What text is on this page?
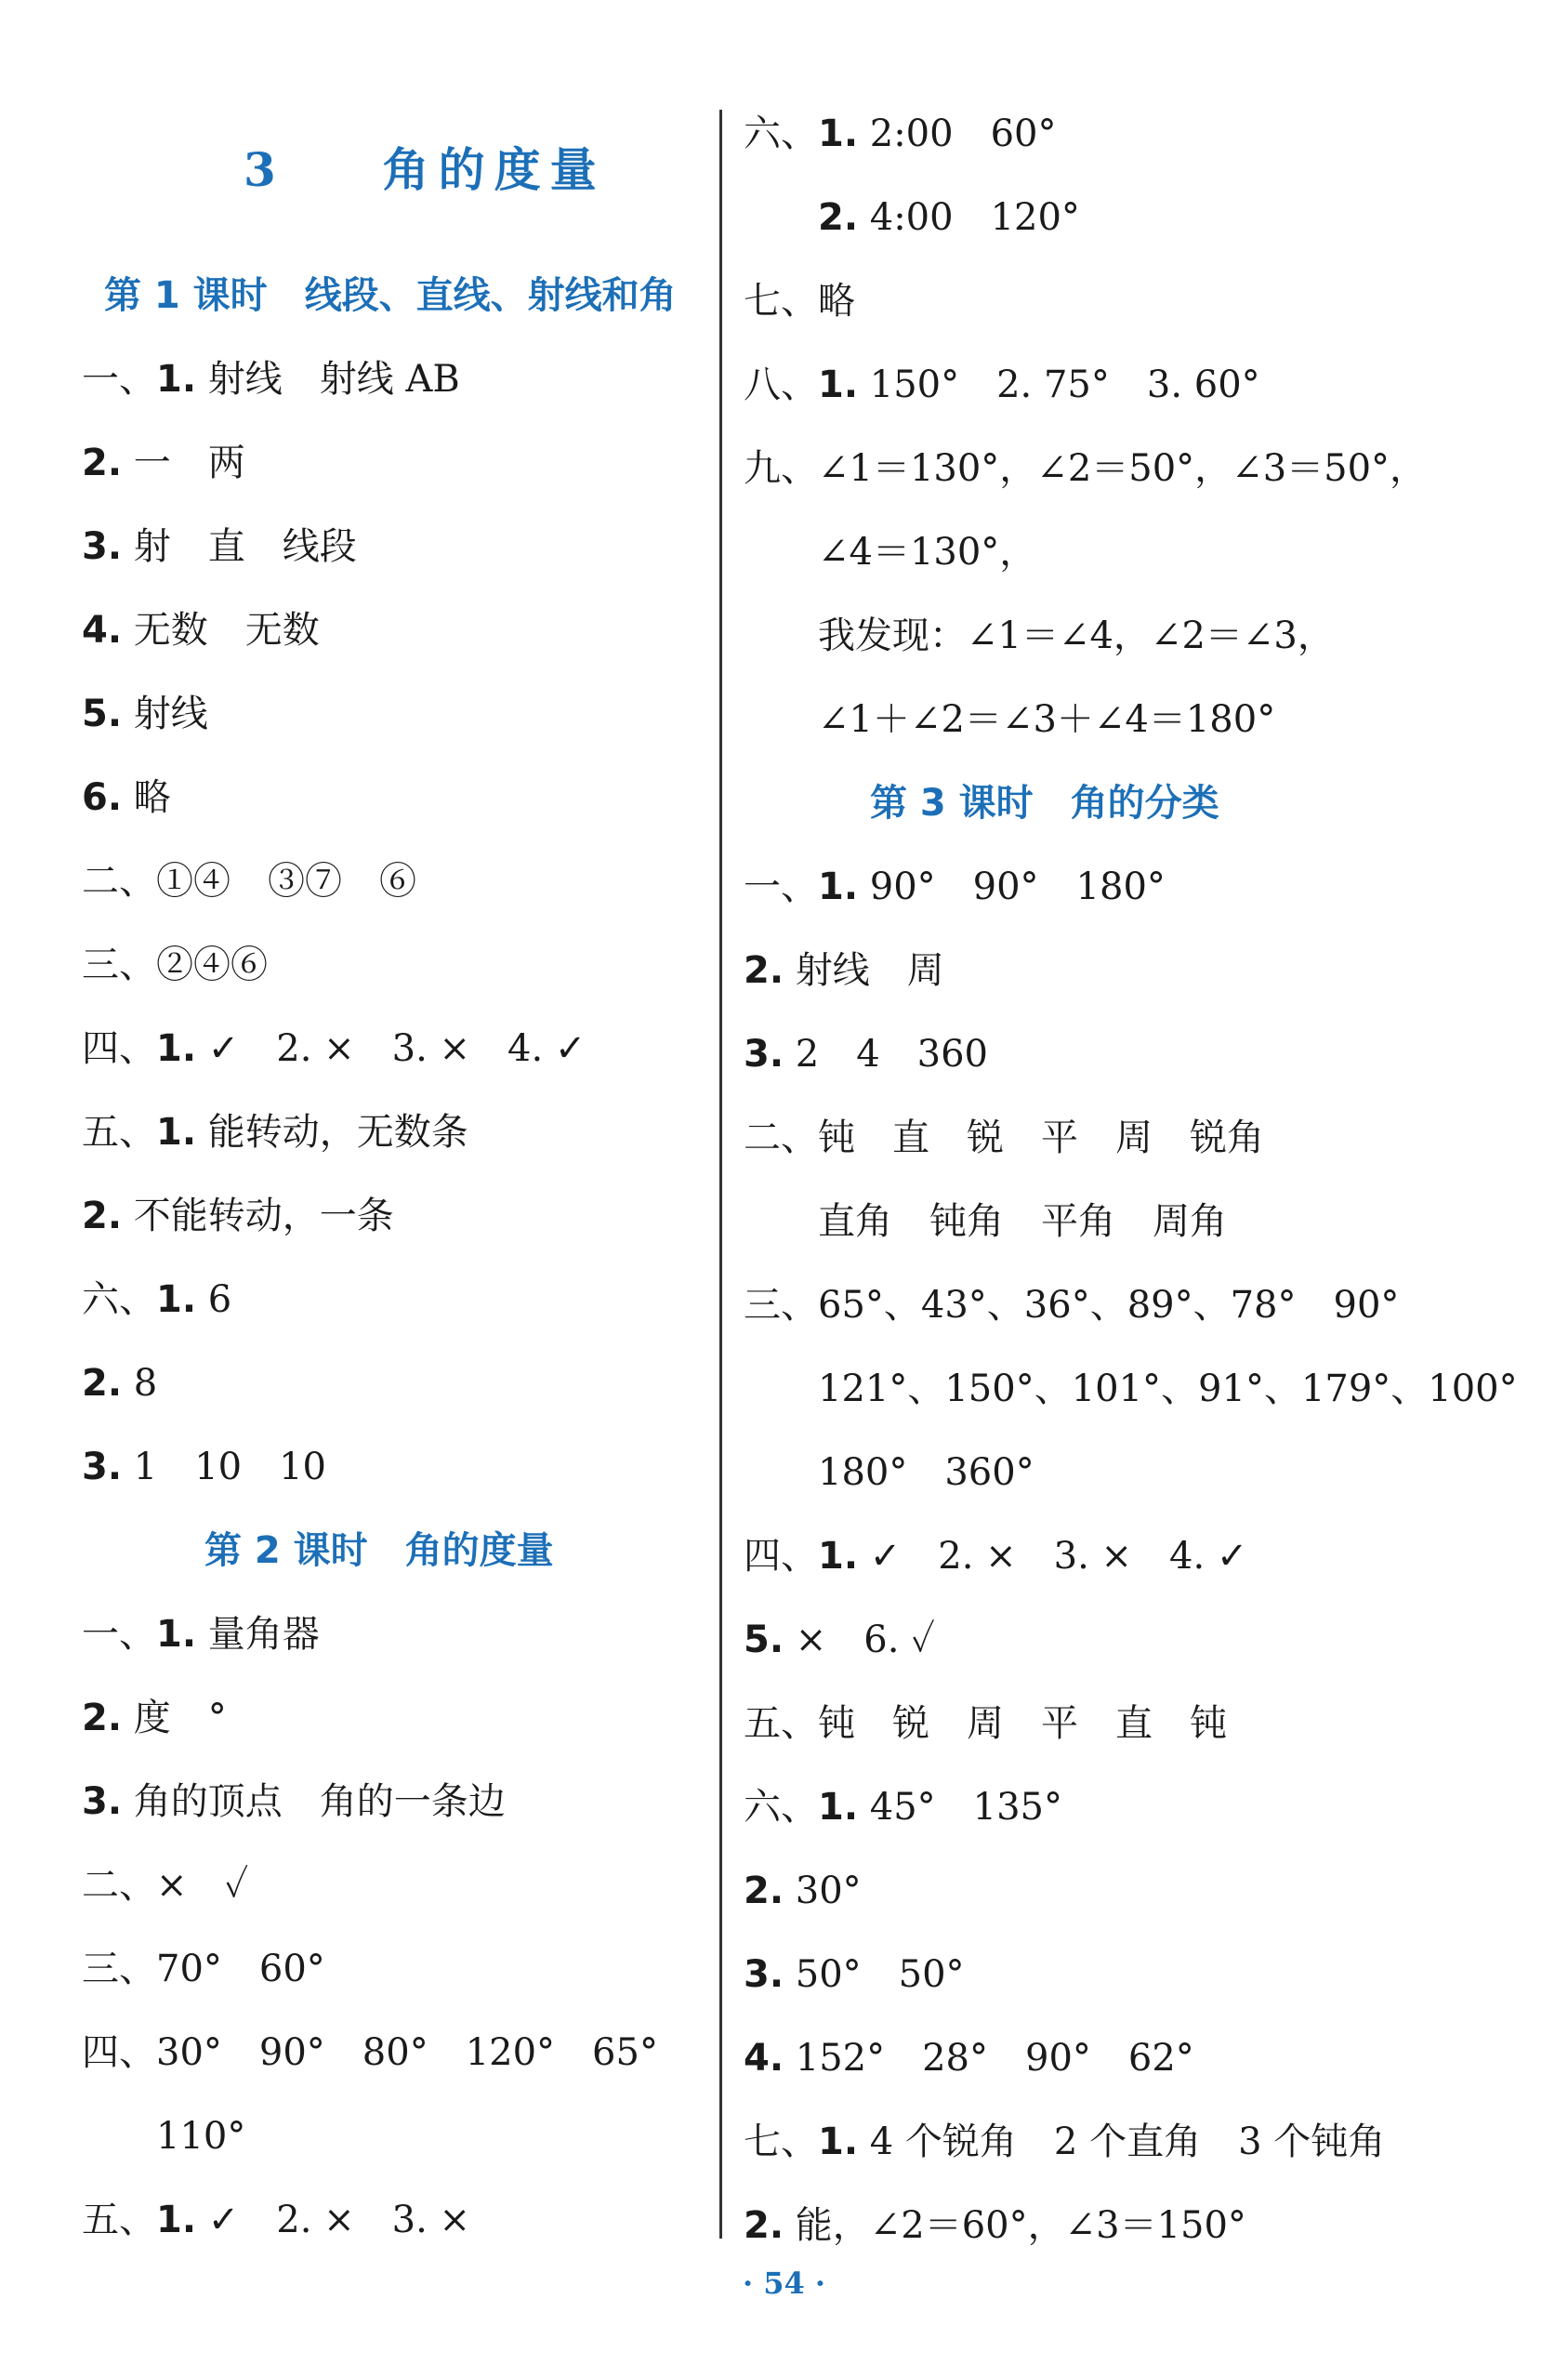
3 角的度量
第 1 课时　 线段、直线、射线和角
一、1. 射线　射线 AB
2. 一　两
3. 射　直　线段
4. 无数　无数
5. 射线
6. 略
二、①④　③⑦　⑥
三、②④⑥
四、1. ✓　2. ×　3. ×　4. ✓
五、1. 能转动，无数条
2. 不能转动，一条
六、1. 6
2. 8
3. 1　10　10
第 2 课时　 角的度量
一、1. 量角器
2. 度　°
3. 角的顶点　角的一条边
二、×　✓
三、70°　60°
四、30°　90°　80°　120°　65°
　　110°
五、1. ✓　2. ×　3. ×
六、1. 2:00　60°
　　2. 4:00　120°
七、略
八、1. 150°　2. 75°　3. 60°
九、∠1＝130°，∠2＝50°，∠3＝50°，
　　∠4＝130°，
　　我发现：∠1＝∠4，∠2＝∠3，
　　∠1＋∠2＝∠3＋∠4＝180°
第 3 课时　 角的分类
一、1. 90°　90°　180°
2. 射线　周
3. 2　4　360
二、钝　直　锐　平　周　锐角
　　直角　钝角　平角　周角
三、65°、43°、36°、89°、78°　90°
　　121°、150°、101°、91°、179°、100°
　　180°　360°
四、1. ✓　2. ×　3. ×　4. ✓
5. ×　6. ✓
五、钝　锐　周　平　直　钝
六、1. 45°　135°
2. 30°
3. 50°　50°
4. 152°　28°　90°　62°
七、1. 4 个锐角　2 个直角　3 个钝角
2. 能，∠2＝60°，∠3＝150°
· 54 ·
